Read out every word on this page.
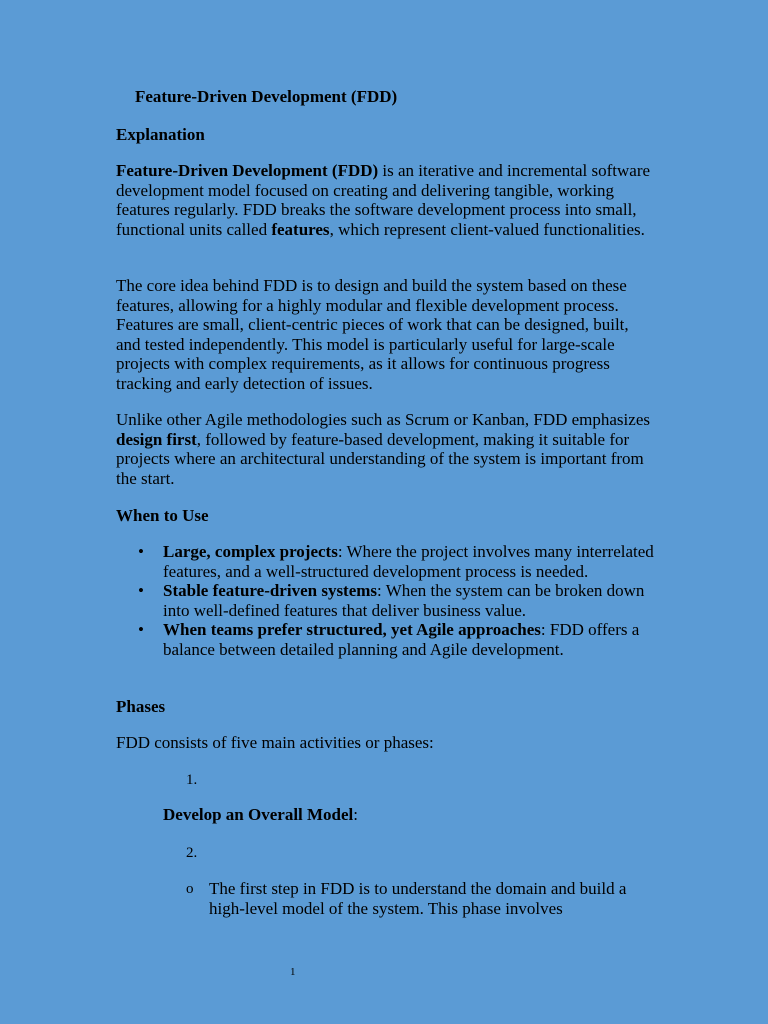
Feature-Driven Development (FDD)
Explanation

Feature-Driven Development (FDD) is an iterative and incremental software development model focused on creating and delivering tangible, working features regularly. FDD breaks the software development process into small, functional units called features, which represent client-valued functionalities.

The core idea behind FDD is to design and build the system based on these features, allowing for a highly modular and flexible development process. Features are small, client-centric pieces of work that can be designed, built, and tested independently. This model is particularly useful for large-scale projects with complex requirements, as it allows for continuous progress tracking and early detection of issues.

Unlike other Agile methodologies such as Scrum or Kanban, FDD emphasizes design first, followed by feature-based development, making it suitable for projects where an architectural understanding of the system is important from the start.

When to Use
• Large, complex projects: Where the project involves many interrelated features, and a well-structured development process is needed.
• Stable feature-driven systems: When the system can be broken down into well-defined features that deliver business value.
• When teams prefer structured, yet Agile approaches: FDD offers a balance between detailed planning and Agile development.
Phases

FDD consists of five main activities or phases:

1.

Develop an Overall Model:

2.

o The first step in FDD is to understand the domain and build a high-level model of the system. This phase involves

1
